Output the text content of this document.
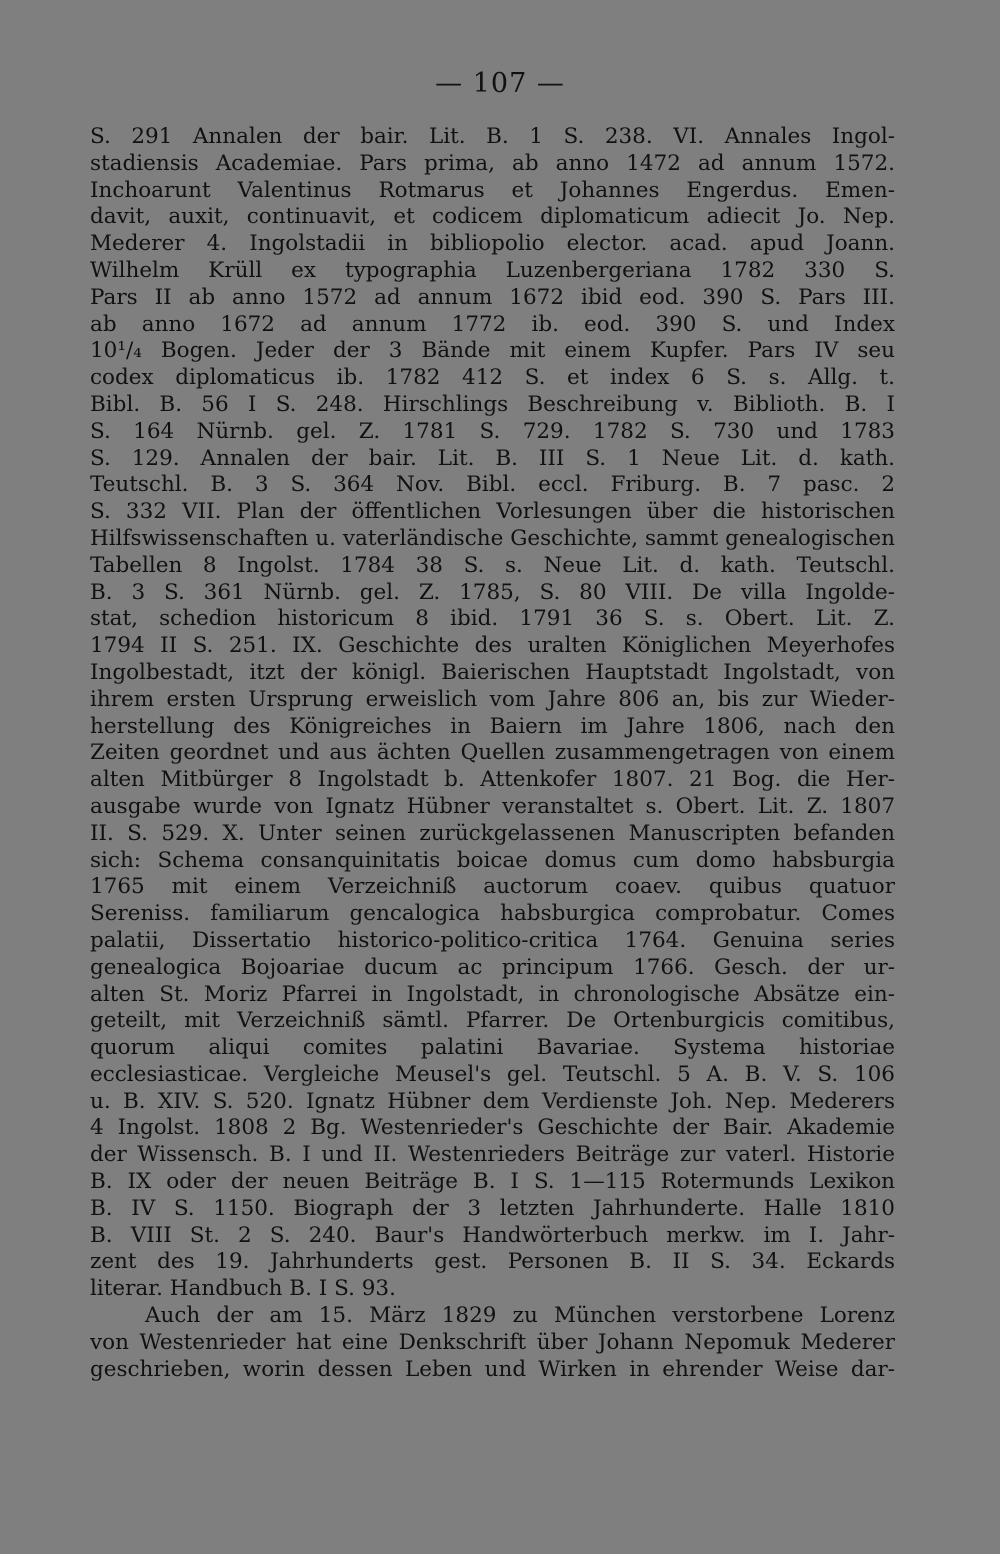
— 107 —
S. 291 Annalen der bair. Lit. B. 1 S. 238. VI. Annales Ingol-
stadiensis Academiae. Pars prima, ab anno 1472 ad annum 1572.
Inchoarunt Valentinus Rotmarus et Johannes Engerdus. Emen-
davit, auxit, continuavit, et codicem diplomaticum adiecit Jo. Nep.
Mederer 4. Ingolstadii in bibliopolio elector. acad. apud Joann.
Wilhelm Krüll ex typographia Luzenbergeriana 1782 330 S.
Pars II ab anno 1572 ad annum 1672 ibid eod. 390 S. Pars III.
ab anno 1672 ad annum 1772 ib. eod. 390 S. und Index
10¹/₄ Bogen. Jeder der 3 Bände mit einem Kupfer. Pars IV seu
codex diplomaticus ib. 1782 412 S. et index 6 S. s. Allg. t.
Bibl. B. 56 I S. 248. Hirschlings Beschreibung v. Biblioth. B. I
S. 164 Nürnb. gel. Z. 1781 S. 729. 1782 S. 730 und 1783
S. 129. Annalen der bair. Lit. B. III S. 1 Neue Lit. d. kath.
Teutschl. B. 3 S. 364 Nov. Bibl. eccl. Friburg. B. 7 pasc. 2
S. 332 VII. Plan der öffentlichen Vorlesungen über die historischen
Hilfswissenschaften u. vaterländische Geschichte, sammt genealogischen
Tabellen 8 Ingolst. 1784 38 S. s. Neue Lit. d. kath. Teutschl.
B. 3 S. 361 Nürnb. gel. Z. 1785, S. 80 VIII. De villa Ingolde-
stat, schedion historicum 8 ibid. 1791 36 S. s. Obert. Lit. Z.
1794 II S. 251. IX. Geschichte des uralten Königlichen Meyerhofes
Ingolbestadt, itzt der königl. Baierischen Hauptstadt Ingolstadt, von
ihrem ersten Ursprung erweislich vom Jahre 806 an, bis zur Wieder-
herstellung des Königreiches in Baiern im Jahre 1806, nach den
Zeiten geordnet und aus ächten Quellen zusammengetragen von einem
alten Mitbürger 8 Ingolstadt b. Attenkofer 1807. 21 Bog. die Her-
ausgabe wurde von Ignatz Hübner veranstaltet s. Obert. Lit. Z. 1807
II. S. 529. X. Unter seinen zurückgelassenen Manuscripten befanden
sich: Schema consanquinitatis boicae domus cum domo habsburgia
1765 mit einem Verzeichniß auctorum coaev. quibus quatuor
Sereniss. familiarum gencalogica habsburgica comprobatur. Comes
palatii, Dissertatio historico-politico-critica 1764. Genuina series
genealogica Bojoariae ducum ac principum 1766. Gesch. der ur-
alten St. Moriz Pfarrei in Ingolstadt, in chronologische Absätze ein-
geteilt, mit Verzeichniß sämtl. Pfarrer. De Ortenburgicis comitibus,
quorum aliqui comites palatini Bavariae. Systema historiae
ecclesiasticae. Vergleiche Meusel's gel. Teutschl. 5 A. B. V. S. 106
u. B. XIV. S. 520. Ignatz Hübner dem Verdienste Joh. Nep. Mederers
4 Ingolst. 1808 2 Bg. Westenrieder's Geschichte der Bair. Akademie
der Wissensch. B. I und II. Westenrieders Beiträge zur vaterl. Historie
B. IX oder der neuen Beiträge B. I S. 1—115 Rotermunds Lexikon
B. IV S. 1150. Biograph der 3 letzten Jahrhunderte. Halle 1810
B. VIII St. 2 S. 240. Baur's Handwörterbuch merkw. im I. Jahr-
zent des 19. Jahrhunderts gest. Personen B. II S. 34. Eckards
literar. Handbuch B. I S. 93.
Auch der am 15. März 1829 zu München verstorbene Lorenz
von Westenrieder hat eine Denkschrift über Johann Nepomuk Mederer
geschrieben, worin dessen Leben und Wirken in ehrender Weise dar-
